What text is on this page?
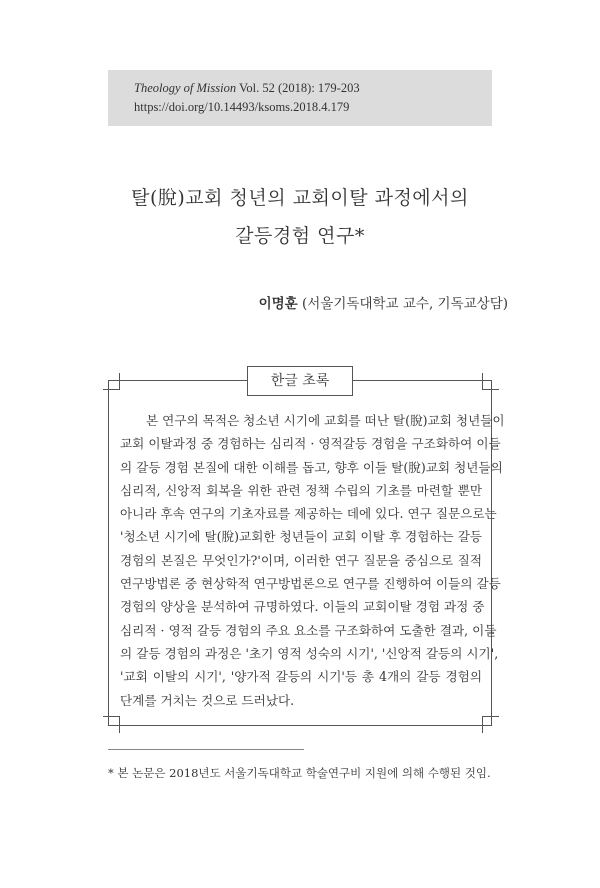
Theology of Mission Vol. 52 (2018): 179-203
https://doi.org/10.14493/ksoms.2018.4.179
탈(脫)교회 청년의 교회이탈 과정에서의
갈등경험 연구*
이명훈 (서울기독대학교 교수, 기독교상담)
한글 초록
본 연구의 목적은 청소년 시기에 교회를 떠난 탈(脫)교회 청년들이
교회 이탈과정 중 경험하는 심리적 · 영적갈등 경험을 구조화하여 이들
의 갈등 경험 본질에 대한 이해를 돕고, 향후 이들 탈(脫)교회 청년들의
심리적, 신앙적 회복을 위한 관련 정책 수립의 기초를 마련할 뿐만
아니라 후속 연구의 기초자료를 제공하는 데에 있다. 연구 질문으로는
'청소년 시기에 탈(脫)교회한 청년들이 교회 이탈 후 경험하는 갈등
경험의 본질은 무엇인가?'이며, 이러한 연구 질문을 중심으로 질적
연구방법론 중 현상학적 연구방법론으로 연구를 진행하여 이들의 갈등
경험의 양상을 분석하여 규명하였다. 이들의 교회이탈 경험 과정 중
심리적 · 영적 갈등 경험의 주요 요소를 구조화하여 도출한 결과, 이들
의 갈등 경험의 과정은 '초기 영적 성숙의 시기', '신앙적 갈등의 시기',
'교회 이탈의 시기', '양가적 갈등의 시기'등 총 4개의 갈등 경험의
단계를 거치는 것으로 드러났다.
* 본 논문은 2018년도 서울기독대학교 학술연구비 지원에 의해 수행된 것임.
